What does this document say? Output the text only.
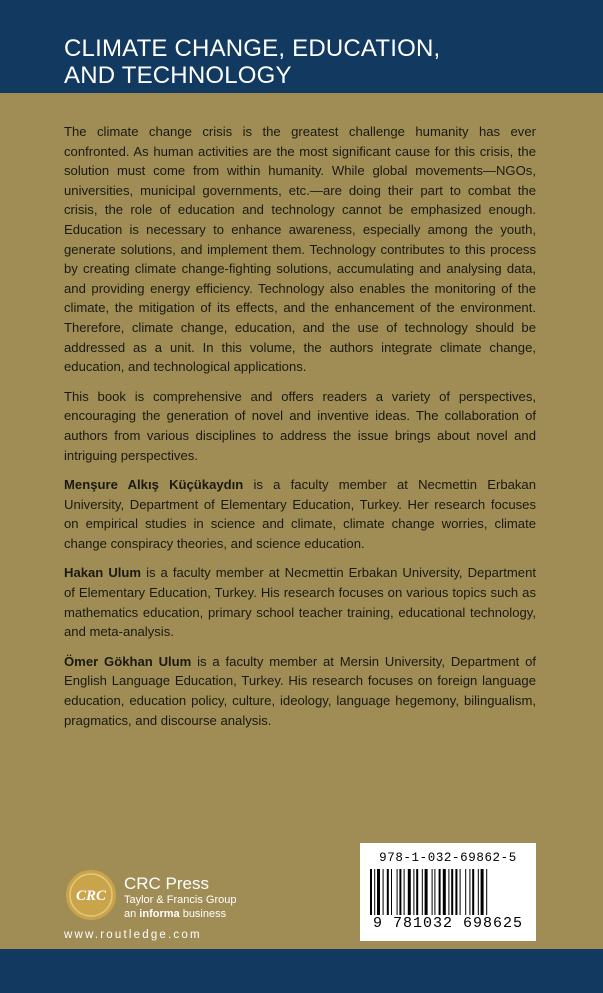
CLIMATE CHANGE, EDUCATION,
AND TECHNOLOGY

The climate change crisis is the greatest challenge humanity has ever confronted. As human activities are the most significant cause for this crisis, the solution must come from within humanity. While global movements—NGOs, universities, municipal governments, etc.—are doing their part to combat the crisis, the role of education and technology cannot be emphasized enough. Education is necessary to enhance awareness, especially among the youth, generate solutions, and implement them. Technology contributes to this process by creating climate change-fighting solutions, accumulating and analysing data, and providing energy efficiency. Technology also enables the monitoring of the climate, the mitigation of its effects, and the enhancement of the environment. Therefore, climate change, education, and the use of technology should be addressed as a unit. In this volume, the authors integrate climate change, education, and technological applications.

This book is comprehensive and offers readers a variety of perspectives, encouraging the generation of novel and inventive ideas. The collaboration of authors from various disciplines to address the issue brings about novel and intriguing perspectives.

Menşure Alkış Küçükaydın is a faculty member at Necmettin Erbakan University, Department of Elementary Education, Turkey. Her research focuses on empirical studies in science and climate, climate change worries, climate change conspiracy theories, and science education.

Hakan Ulum is a faculty member at Necmettin Erbakan University, Department of Elementary Education, Turkey. His research focuses on various topics such as mathematics education, primary school teacher training, educational technology, and meta-analysis.

Ömer Gökhan Ulum is a faculty member at Mersin University, Department of English Language Education, Turkey. His research focuses on foreign language education, education policy, culture, ideology, language hegemony, bilingualism, pragmatics, and discourse analysis.

CRC
CRC Press
Taylor & Francis Group
an informa business
www.routledge.com
978-1-032-69862-5
9 781032 698625
